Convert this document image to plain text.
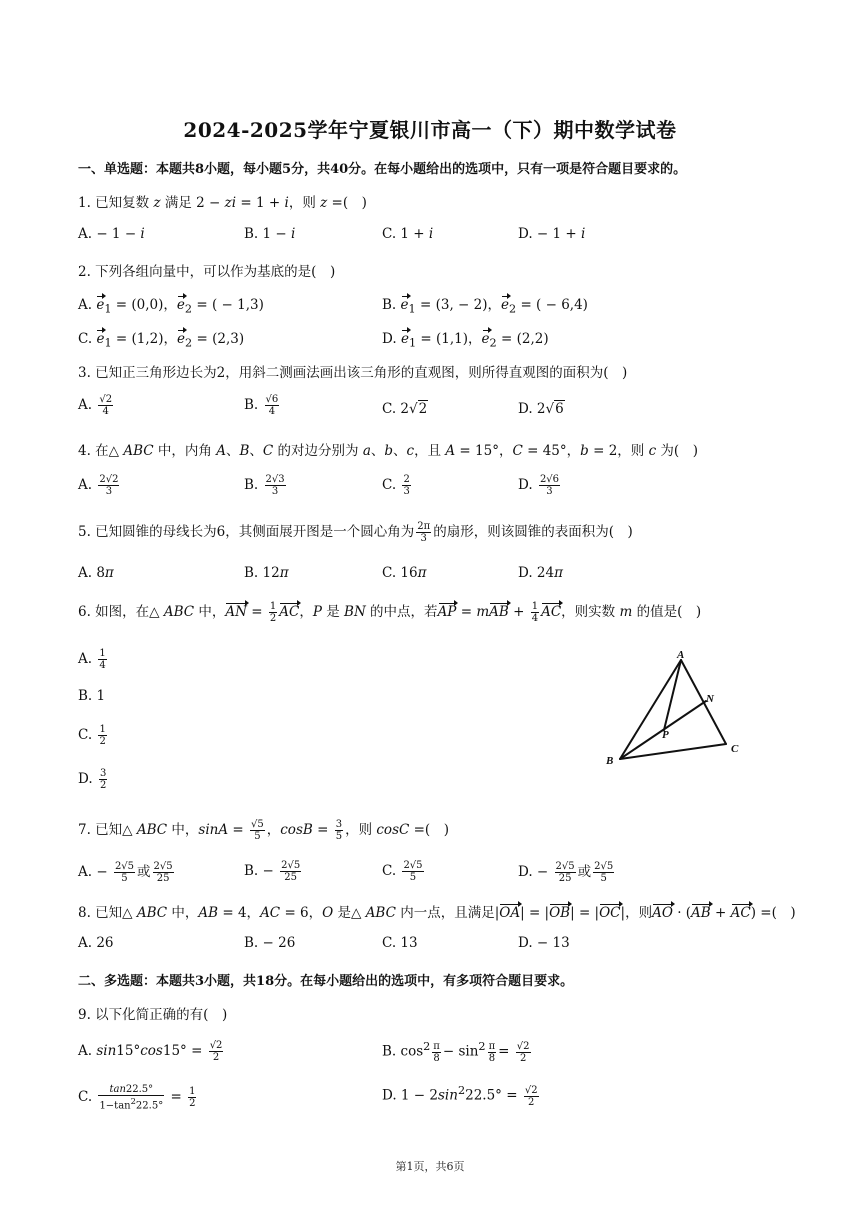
2024-2025学年宁夏银川市高一（下）期中数学试卷
一、单选题：本题共8小题，每小题5分，共40分。在每小题给出的选项中，只有一项是符合题目要求的。
1. 已知复数 z 满足 2 − zi = 1 + i，则 z =(　)
A. − 1 − i	B. 1 − i	C. 1 + i	D. − 1 + i
2. 下列各组向量中，可以作为基底的是(　)
A. $e_1 = (0,0)$，$e_2$ = ( − 1,3)	B. $e_1 = (3$, − 2)，$e_2$ = ( − 6,4)
C. $e_1 = (1,2)$，$e_2 = (2,3)$	D. $e_1 = (1,1)$，$e_2 = (2,2)$
3. 已知正三角形边长为2，用斜二测画法画出该三角形的直观图，则所得直观图的面积为(　)
A. $\frac{√2}{4}$	B. $\frac{√6}{4}$	C. 2√2	D. 2√6
4. 在△ ABC 中，内角 A、B、C 的对边分别为 a、b、c，且 A = 15°，C = 45°，b = 2，则 c 为(　)
A. $\frac{2√2}{3}$	B. $\frac{2√3}{3}$	C. $\frac{2}{3}$	D. $\frac{2√6}{3}$
5. 已知圆锥的母线长为6，其侧面展开图是一个圆心角为 $\frac{2\pi}{3}$ 的扇形，则该圆锥的表面积为(　)
A. 8π	B. 12π	C. 16π	D. 24π
6. 如图，在△ ABC 中，AN = $\frac{1}{2}$ AC，P 是 BN 的中点，若AP = mAB + $\frac{1}{4}$ AC，则实数 m 的值是(　)
A. $\frac{1}{4}$
B. 1
C. $\frac{1}{2}$
D. $\frac{3}{2}$
A
N
P
B
C
7. 已知△ ABC 中，$\sin A = \frac{√5}{5}$ ，$\cos B = \frac{3}{5}$ ，则 cosC =(　)
A. − $\frac{2√5}{5}$ 或 $\frac{2√5}{25}$	B. − $\frac{2√5}{25}$	C. $\frac{2√5}{5}$	D. − $\frac{2√5}{25}$ 或 $\frac{2√5}{5}$
8. 已知△ ABC 中，AB = 4，AC = 6，O 是△ ABC 内一点，且满足|OA| = |OB| = |OC|，则AO · (AB + AC) =(　)
A. 26	B. − 26	C. 13	D. − 13
二、多选题：本题共3小题，共18分。在每小题给出的选项中，有多项符合题目要求。
9. 以下化简正确的有(　)
A. $\sin 15^\circ\cos 15^\circ = \frac{√2}{2}$	B. $\cos^2 \frac{\pi}{8} - \sin^2 \frac{\pi}{8} = \frac{√2}{2}$
C. $\frac{\tan 22.5^\circ}{1-\tan^222.5^\circ} = \frac{1}{2}$	D. $1 - 2\sin^222.5^\circ = \frac{√2}{2}$
第1页，共6页
